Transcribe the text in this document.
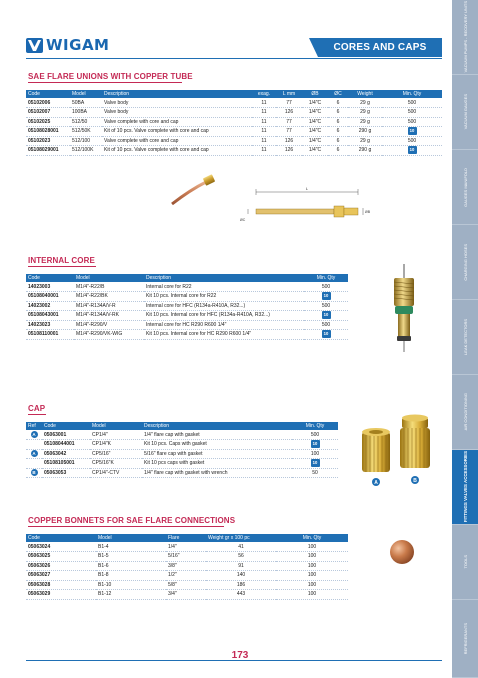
VACUUM PUMPS - RECOVERY UNITS
VACUUM GAUGES
GAUGES MANIFOLD
CHARGING HOSES
LEAK DETECTORS
AIR CONDITIONING
FITTINGS VALVES ACCESSORIES
TOOLS
REFRIGERANTS
WIGAM	CORES AND CAPS
SAE FLARE UNIONS WITH COPPER TUBE
Code	Model	Description	exag.	L mm	ØB	ØC	Weight	Min. Qty
05102006	50BA	Valve body	11	77	1/4"C	6	29 g	500
05102007	100BA	Valve body	11	126	1/4"C	6	29 g	500
05102025	512/50	Valve complete with core and cap	11	77	1/4"C	6	29 g	500
05108028001	512/50K	Kit of 10 pcs. Valve complete with core and cap	11	77	1/4"C	6	290 g	10
05102023	512/100	Valve complete with core and cap	11	126	1/4"C	6	29 g	500
05108029001	512/100K	Kit of 10 pcs. Valve complete with core and cap	11	126	1/4"C	6	290 g	10
L
ØB
ØC
INTERNAL CORE
Code	Model	Description	Min. Qty
14023003	M1/4"-R22/B	Internal core for R22	500
05108040001	M1/4"-R22/BK	Kit 10 pcs. Internal core for R22	10
14023002	M1/4"-R134A/V-R	Internal core for HFC (R134a-R410A, R32...)	500
05108043001	M1/4"-R134A/V-RK	Kit 10 pcs. Internal core for HFC (R134a-R410A, R32...)	10
14023023	M1/4"-R290/V	Internal core for HC R290 R600 1/4"	500
05108110001	M1/4"-R290/VK-WIG	Kit 10 pcs. Internal core for HC R290 R600 1/4"	10
CAP
Ref	Code	Model	Description	Min. Qty
A	05063001	CP1/4"	1/4" flare cap with gasket	500
	05108044001	CP1/4"K	Kit 10 pcs. Caps with gasket	10
A	05063042	CP5/16"	5/16" flare cap with gasket	100
	05108105001	CP5/16"K	Kit 10 pcs caps with gasket	10
B	05063053	CP1/4"-CTV	1/4" flare cap with gasket with wrench	50
A	B
COPPER BONNETS FOR SAE FLARE CONNECTIONS
Code	Model	Flare	Weight gr x 100 pc	Min. Qty
05063024	B1-4	1/4"	41	100
05063025	B1-5	5/16"	56	100
05063026	B1-6	3/8"	91	100
05063027	B1-8	1/2"	140	100
05063028	B1-10	5/8"	186	100
05063029	B1-12	3/4"	443	100
173
